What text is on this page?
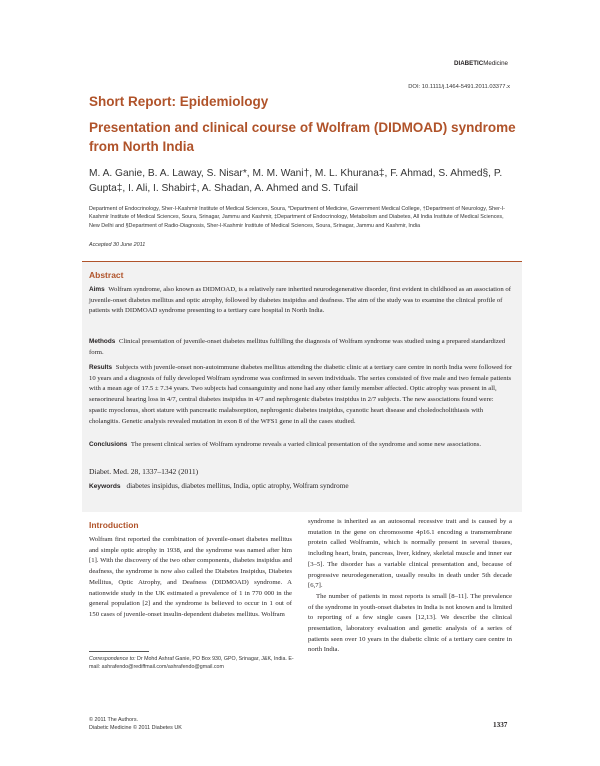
DIABETICMedicine
DOI: 10.1111/j.1464-5491.2011.03377.x
Short Report: Epidemiology
Presentation and clinical course of Wolfram (DIDMOAD) syndrome from North India
M. A. Ganie, B. A. Laway, S. Nisar*, M. M. Wani†, M. L. Khurana‡, F. Ahmad, S. Ahmed§, P. Gupta‡, I. Ali, I. Shabir‡, A. Shadan, A. Ahmed and S. Tufail
Department of Endocrinology, Sher-I-Kashmir Institute of Medical Sciences, Soura, *Department of Medicine, Government Medical College, †Department of Neurology, Sher-I-Kashmir Institute of Medical Sciences, Soura, Srinagar, Jammu and Kashmir, ‡Department of Endocrinology, Metabolism and Diabetes, All India Institute of Medical Sciences, New Delhi and §Department of Radio-Diagnosis, Sher-I-Kashmir Institute of Medical Sciences, Soura, Srinagar, Jammu and Kashmir, India
Accepted 30 June 2011
Abstract
Aims Wolfram syndrome, also known as DIDMOAD, is a relatively rare inherited neurodegenerative disorder, first evident in childhood as an association of juvenile-onset diabetes mellitus and optic atrophy, followed by diabetes insipidus and deafness. The aim of the study was to examine the clinical profile of patients with DIDMOAD syndrome presenting to a tertiary care hospital in North India.
Methods Clinical presentation of juvenile-onset diabetes mellitus fulfilling the diagnosis of Wolfram syndrome was studied using a prepared standardized form.
Results Subjects with juvenile-onset non-autoimmune diabetes mellitus attending the diabetic clinic at a tertiary care centre in north India were followed for 10 years and a diagnosis of fully developed Wolfram syndrome was confirmed in seven individuals. The series consisted of five male and two female patients with a mean age of 17.5 ± 7.34 years. Two subjects had consanguinity and none had any other family member affected. Optic atrophy was present in all, sensorineural hearing loss in 4/7, central diabetes insipidus in 4/7 and nephrogenic diabetes insipidus in 2/7 subjects. The new associations found were: spastic myoclonus, short stature with pancreatic malabsorption, nephrogenic diabetes insipidus, cyanotic heart disease and choledocholithiasis with cholangitis. Genetic analysis revealed mutation in exon 8 of the WFS1 gene in all the cases studied.
Conclusions The present clinical series of Wolfram syndrome reveals a varied clinical presentation of the syndrome and some new associations.
Diabet. Med. 28, 1337–1342 (2011)
Keywords diabetes insipidus, diabetes mellitus, India, optic atrophy, Wolfram syndrome
Introduction
Wolfram first reported the combination of juvenile-onset diabetes mellitus and simple optic atrophy in 1938, and the syndrome was named after him [1]. With the discovery of the two other components, diabetes insipidus and deafness, the syndrome is now also called the Diabetes Insipidus, Diabetes Mellitus, Optic Atrophy, and Deafness (DIDMOAD) syndrome. A nationwide study in the UK estimated a prevalence of 1 in 770 000 in the general population [2] and the syndrome is believed to occur in 1 out of 150 cases of juvenile-onset insulin-dependent diabetes mellitus. Wolfram

syndrome is inherited as an autosomal recessive trait and is caused by a mutation in the gene on chromosome 4p16.1 encoding a transmembrane protein called Wolframin, which is normally present in several tissues, including heart, brain, pancreas, liver, kidney, skeletal muscle and inner ear [3–5]. The disorder has a variable clinical presentation and, because of progressive neurodegeneration, usually results in death under 5th decade [6,7].

The number of patients in most reports is small [8–11]. The prevalence of the syndrome in youth-onset diabetes in India is not known and is limited to reporting of a few single cases [12,13]. We describe the clinical presentation, laboratory evaluation and genetic analysis of a series of patients seen over 10 years in the diabetic clinic of a tertiary care centre in north India.

Correspondence to: Dr Mohd Ashraf Ganie, PO Box 930, GPO, Srinagar, J&K, India. E-mail: ashrafendo@rediffmail.com/ashrafendo@gmail.com
© 2011 The Authors.
Diabetic Medicine © 2011 Diabetes UK	1337
